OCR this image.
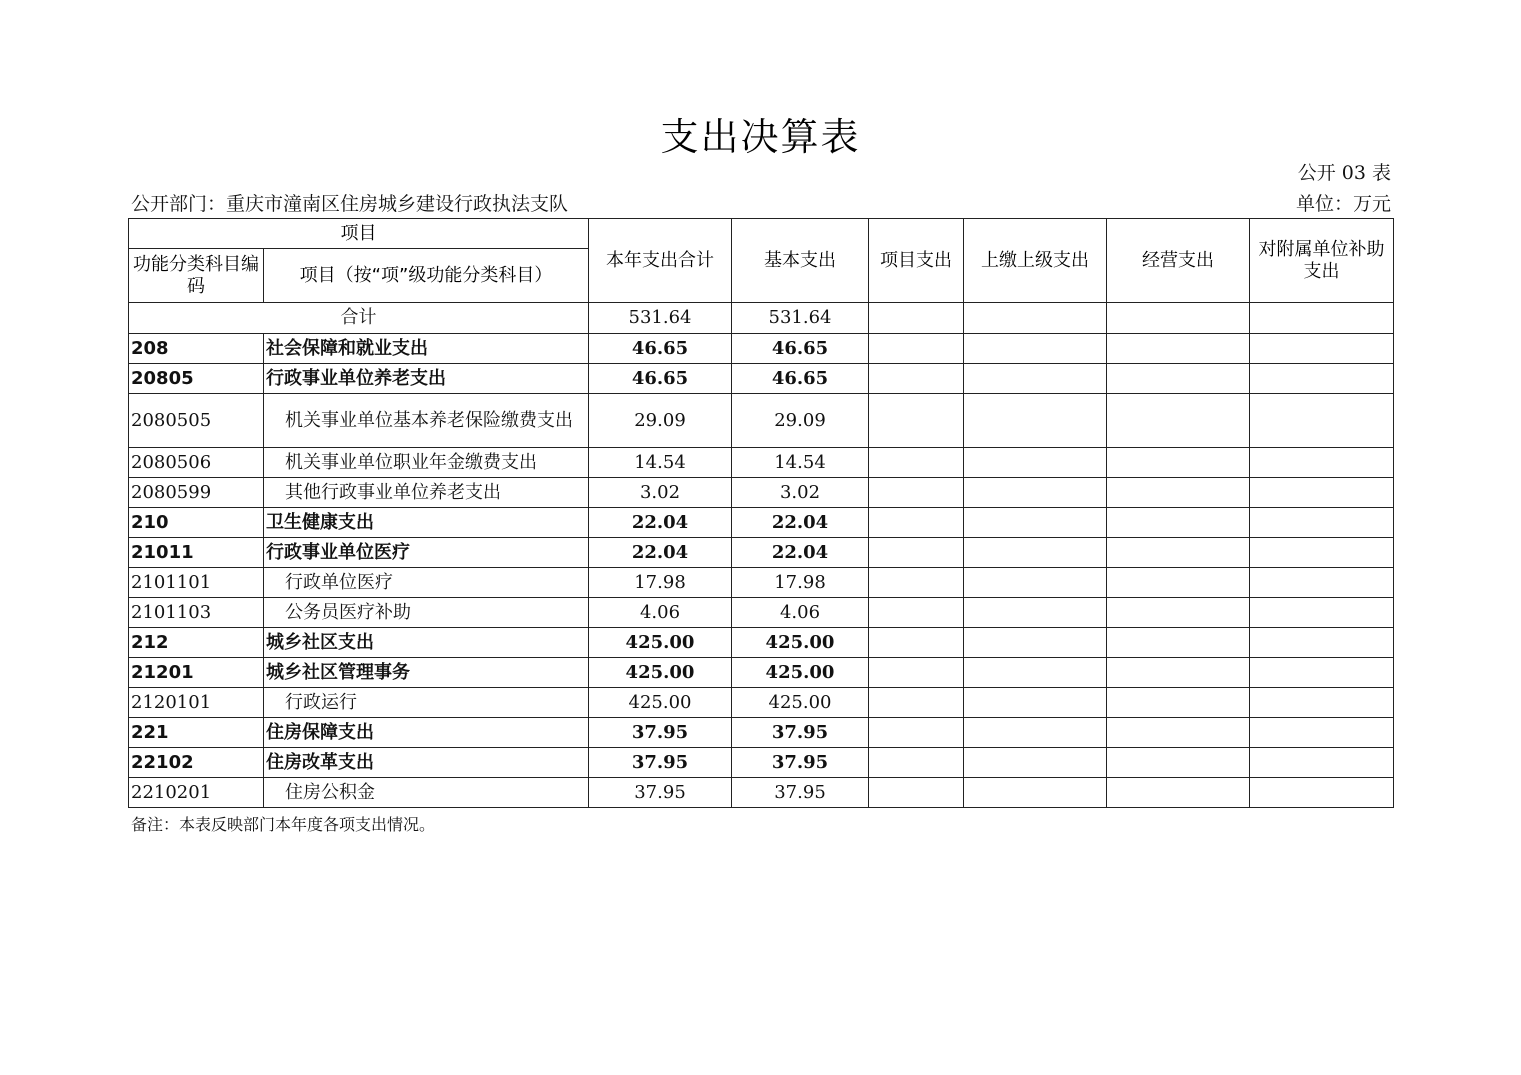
支出决算表
公开 03 表
公开部门：重庆市潼南区住房城乡建设行政执法支队	单位：万元
项目		本年支出合计	基本支出	项目支出	上缴上级支出	经营支出	对附属单位补助支出
功能分类科目编码	项目（按“项”级功能分类科目）						
合计		531.64	531.64				
208	社会保障和就业支出	46.65	46.65				
20805	行政事业单位养老支出	46.65	46.65				
2080505	机关事业单位基本养老保险缴费支出	29.09	29.09				
2080506	机关事业单位职业年金缴费支出	14.54	14.54				
2080599	其他行政事业单位养老支出	3.02	3.02				
210	卫生健康支出	22.04	22.04				
21011	行政事业单位医疗	22.04	22.04				
2101101	行政单位医疗	17.98	17.98				
2101103	公务员医疗补助	4.06	4.06				
212	城乡社区支出	425.00	425.00				
21201	城乡社区管理事务	425.00	425.00				
2120101	行政运行	425.00	425.00				
221	住房保障支出	37.95	37.95				
22102	住房改革支出	37.95	37.95				
2210201	住房公积金	37.95	37.95				
备注：本表反映部门本年度各项支出情况。
